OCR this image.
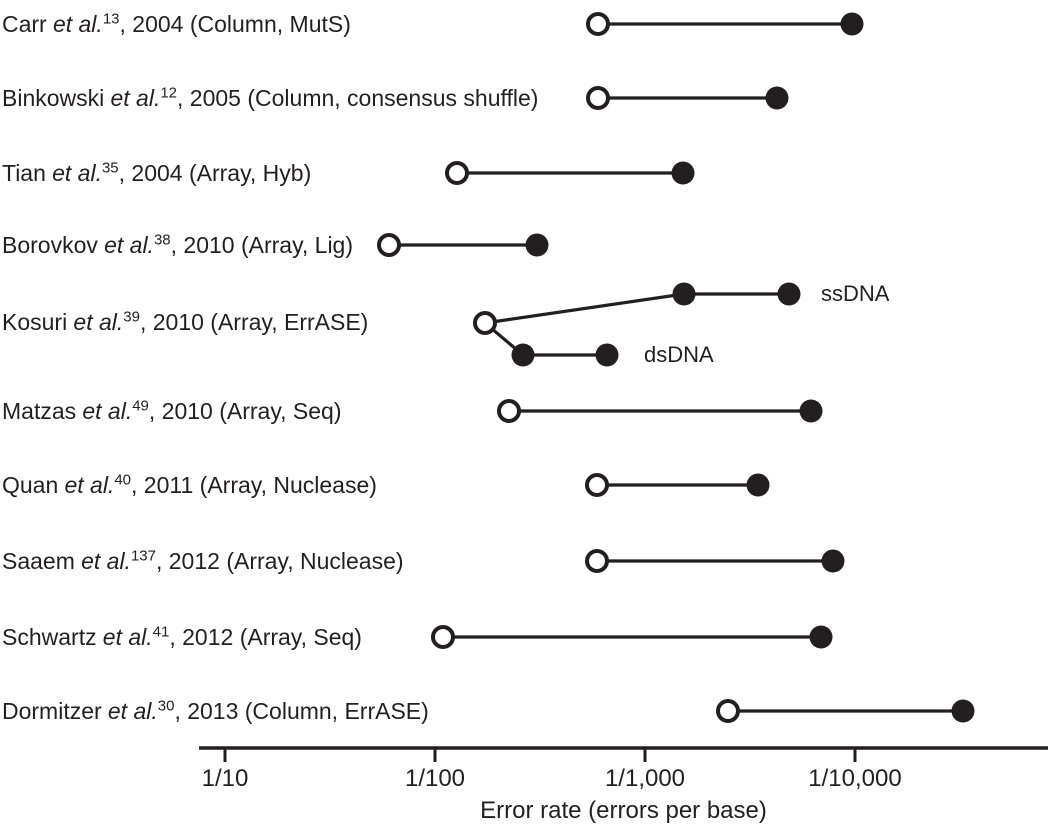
1/10	1/100	1/1,000	1/10,000
Carr et al.$^{13}$, 2004 (Column, MutS)
Binkowski et al.$^{12}$, 2005 (Column, consensus shuffle)
Tian et al.$^{35}$, 2004 (Array, Hyb)
Borovkov et al.$^{38}$, 2010 (Array, Lig)
Kosuri et al.$^{39}$, 2010 (Array, ErrASE)
ssDNA
dsDNA
Matzas et al.$^{49}$, 2010 (Array, Seq)
Quan et al.$^{40}$, 2011 (Array, Nuclease)
Saaem et al.$^{137}$, 2012 (Array, Nuclease)
Schwartz et al.$^{41}$, 2012 (Array, Seq)
Dormitzer et al.$^{30}$, 2013 (Column, ErrASE)
Error rate (errors per base)
